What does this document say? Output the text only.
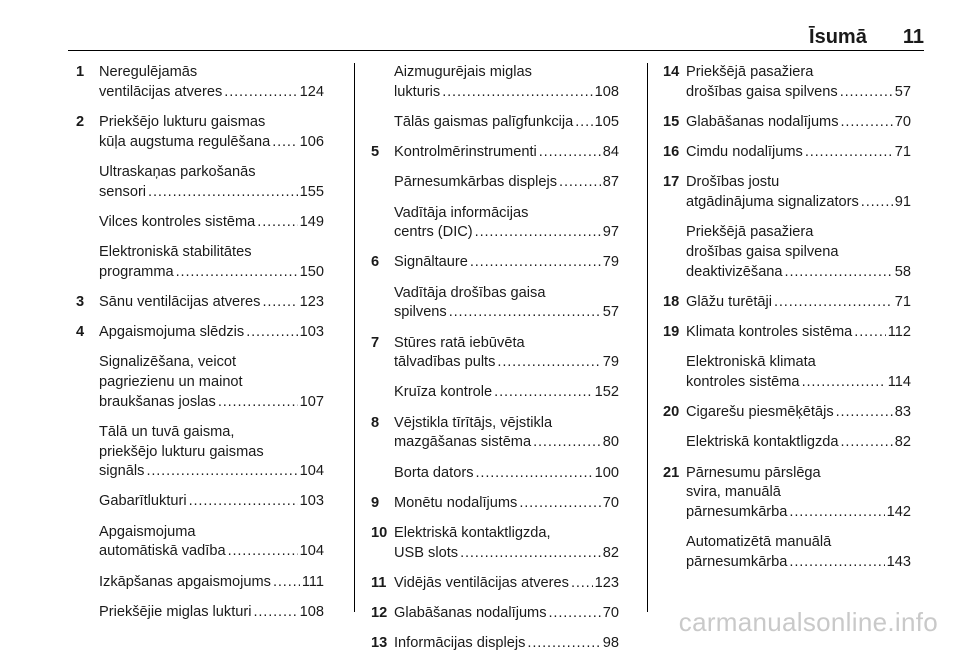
Īsumā 11
1	Neregulējamās
ventilācijas atveres . . .	124
2	Priekšējo lukturu gaismas
kūļa augstuma regulēšana . . . 106
Ultraskaņas parkošanās
sensori . . .	155
Vilces kontroles sistēma . . .	149
Elektroniskā stabilitātes
programma . . .	150
3	Sānu ventilācijas atveres . . .	123
4	Apgaismojuma slēdzis . . .	103
Signalizēšana, veicot
pagriezienu un mainot
braukšanas joslas . . .	107
Tālā un tuvā gaisma,
priekšējo lukturu gaismas
signāls . . .	104
Gabarītlukturi . . .	103
Apgaismojuma
automātiskā vadība . . .	104
Izkāpšanas apgaismojums . . . 111
Priekšējie miglas lukturi . . .	108
Aizmugurējais miglas
lukturis . . .	108
Tālās gaismas palīgfunkcija . . . 105
5	Kontrolmērinstrumenti . . .	84
Pārnesumkārbas displejs . . .	87
Vadītāja informācijas
centrs (DIC) . . .	97
6	Signāltaure . . .	79
Vadītāja drošības gaisa
spilvens . . .	57
7	Stūres ratā iebūvēta
tālvadības pults . . .	79
Kruīza kontrole . . .	152
8	Vējstikla tīrītājs, vējstikla
mazgāšanas sistēma . . .	80
Borta dators . . .	100
9	Monētu nodalījums . . .	70
10 Elektriskā kontaktligzda,
USB slots . . .	82
11 Vidējās ventilācijas atveres . . . 123
12 Glabāšanas nodalījums . . .	70
13 Informācijas displejs . . .	98
14 Priekšējā pasažiera
drošības gaisa spilvens . . .	57
15 Glabāšanas nodalījums . . .	70
16 Cimdu nodalījums . . .	71
17 Drošības jostu
atgādinājuma signalizators . . . 91
Priekšējā pasažiera
drošības gaisa spilvena
deaktivizēšana . . .	58
18 Glāžu turētāji . . .	71
19 Klimata kontroles sistēma . . . 112
Elektroniskā klimata
kontroles sistēma . . .	114
20 Cigarešu piesmēķētājs . . .	83
Elektriskā kontaktligzda . . .	82
21 Pārnesumu pārslēga
svira, manuālā
pārnesumkārba . . .	142
Automatizētā manuālā
pārnesumkārba . . .	143
carmanualsonline.info
